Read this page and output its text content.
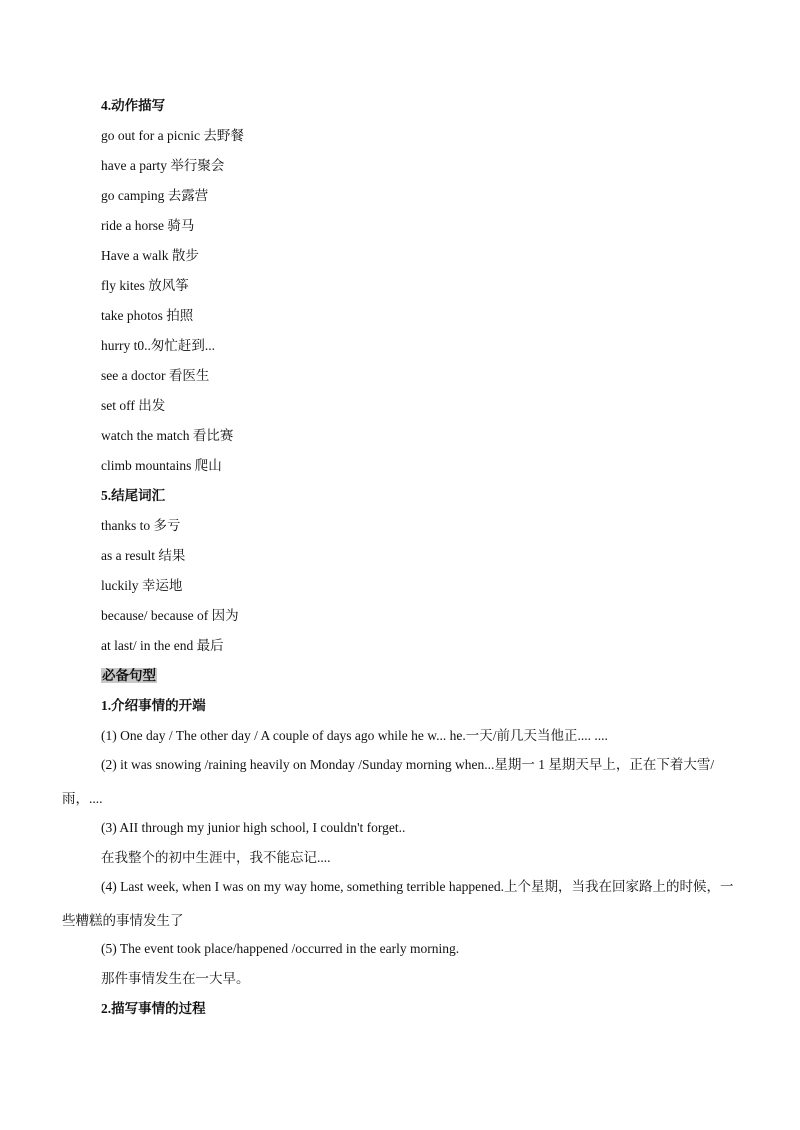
4.动作描写
go out for a picnic 去野餐
have a party 举行聚会
go camping 去露营
ride a horse 骑马
Have a walk 散步
fly kites 放风筝
take photos 拍照
hurry t0..匆忙赶到...
see a doctor 看医生
set off 出发
watch the match 看比赛
climb mountains 爬山
5.结尾词汇
thanks to 多亏
as a result 结果
luckily 幸运地
because/ because of 因为
at last/ in the end 最后
必备句型
1.介绍事情的开端
(1) One day / The other day / A couple of days ago while he w... he.一天/前几天当他正.... ....
(2) it was snowing /raining heavily on Monday /Sunday morning when...星期一 1 星期天早上，正在下着大雪/雨，....
(3) AII through my junior high school, I couldn't forget..
在我整个的初中生涯中，我不能忘记....
(4) Last week, when I was on my way home, something terrible happened.上个星期，当我在回家路上的时候，一些糟糕的事情发生了
(5) The event took place/happened /occurred in the early morning.
那件事情发生在一大早。
2.描写事情的过程
